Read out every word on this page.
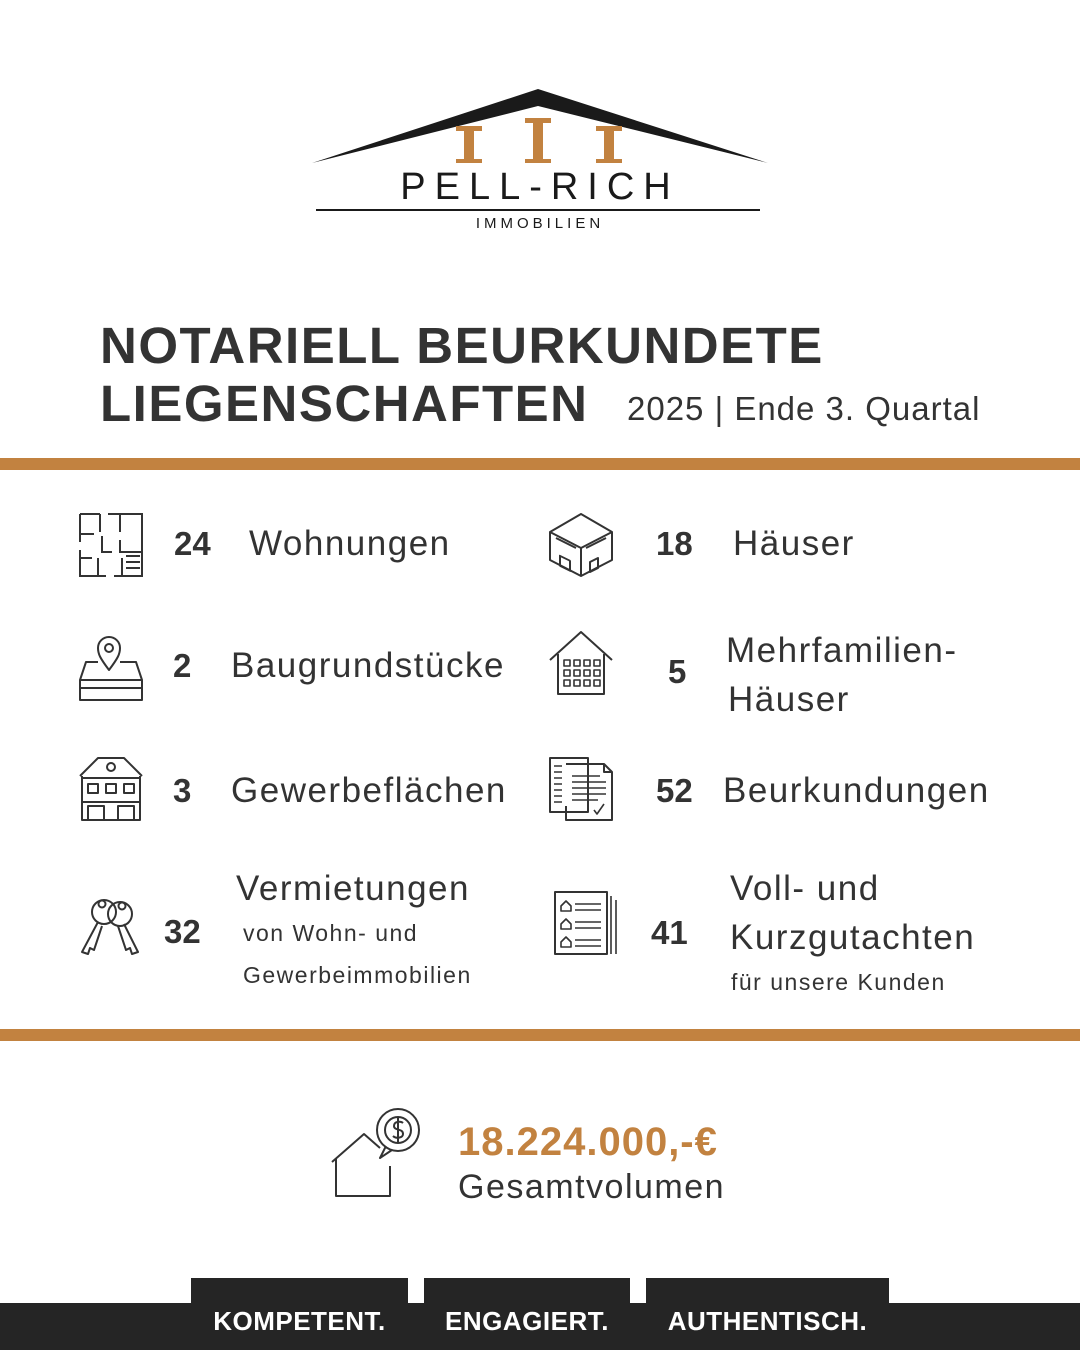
PELL-RICH
IMMOBILIEN
NOTARIELL BEURKUNDETE
LIEGENSCHAFTEN 2025 | Ende 3. Quartal
24 Wohnungen	18 Häuser
2 Baugrundstücke	5
Mehrfamilien-
Häuser
3 Gewerbeflächen	52 Beurkundungen
32
Vermietungen
von Wohn- und
Gewerbeimmobilien
41
Voll- und
Kurzgutachten
für unsere Kunden
18.224.000,-€
Gesamtvolumen
KOMPETENT.	ENGAGIERT.	AUTHENTISCH.
